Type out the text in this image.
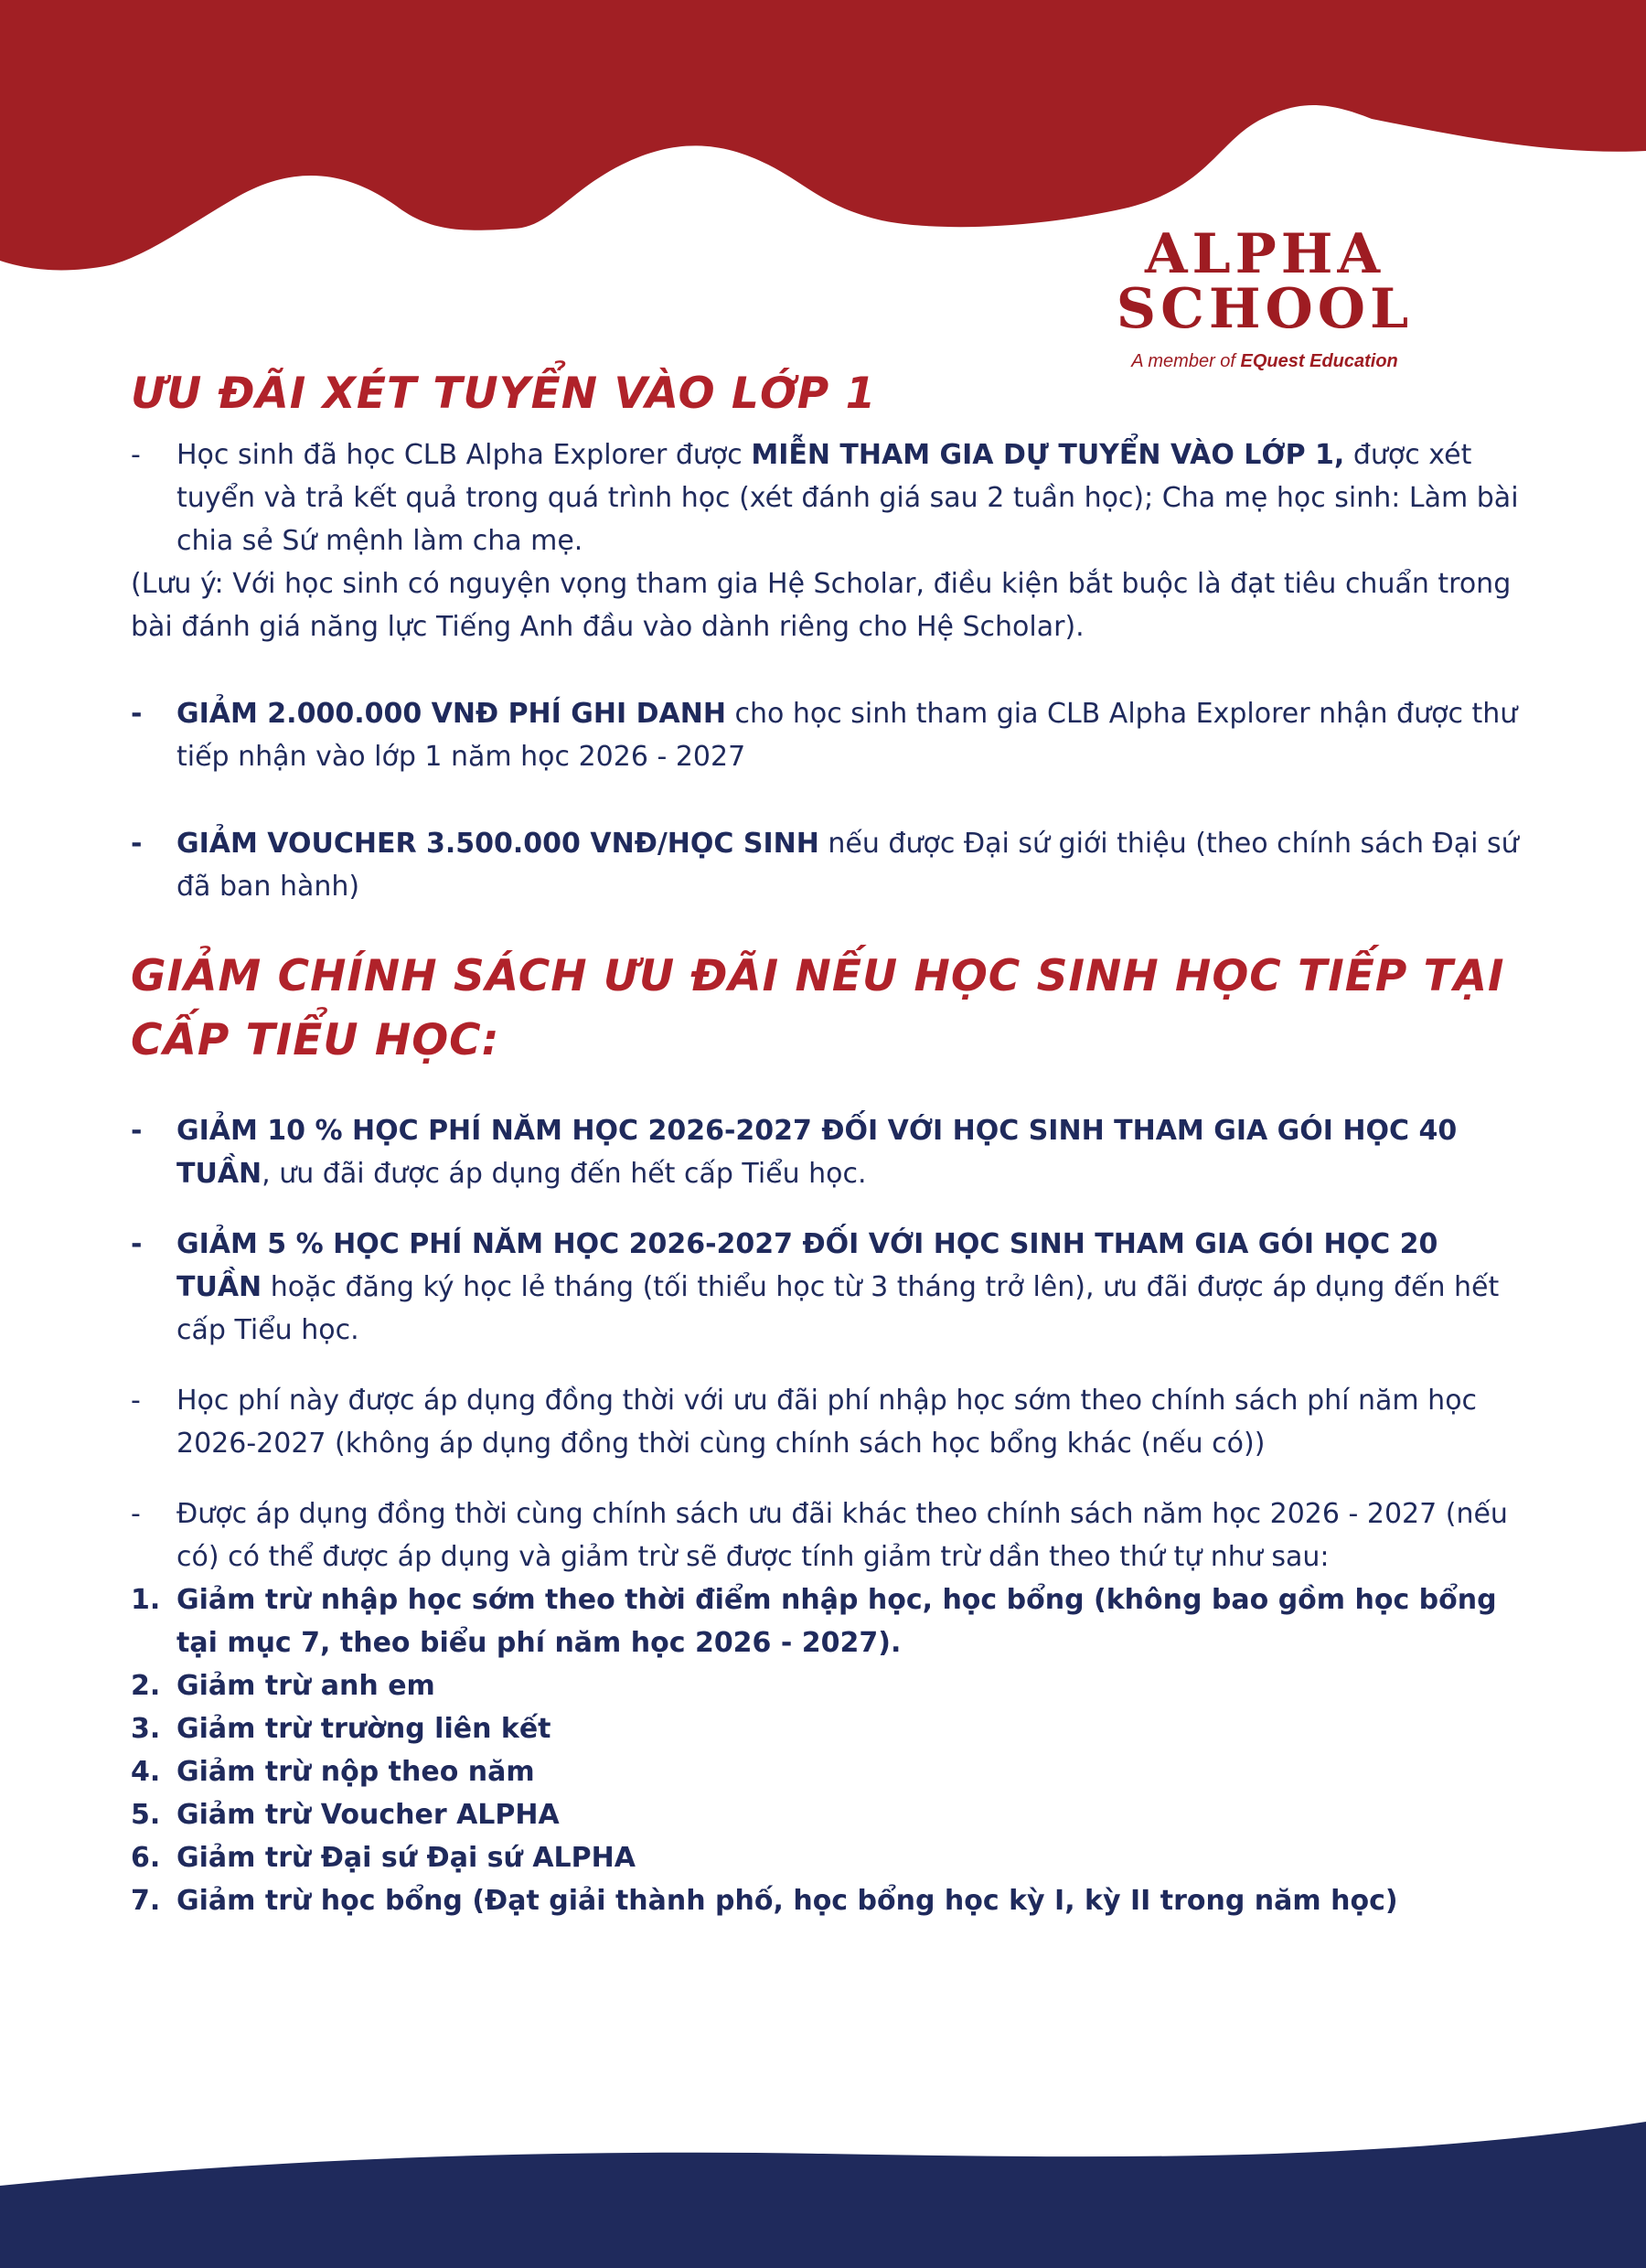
ALPHA SCHOOL
A member of EQuest Education
ƯU ĐÃI XÉT TUYỂN VÀO LỚP 1
- Học sinh đã học CLB Alpha Explorer được MIỄN THAM GIA DỰ TUYỂN VÀO LỚP 1, được xét tuyển và trả kết quả trong quá trình học (xét đánh giá sau 2 tuần học); Cha mẹ học sinh: Làm bài chia sẻ Sứ mệnh làm cha mẹ.
(Lưu ý: Với học sinh có nguyện vọng tham gia Hệ Scholar, điều kiện bắt buộc là đạt tiêu chuẩn trong bài đánh giá năng lực Tiếng Anh đầu vào dành riêng cho Hệ Scholar).
- GIẢM 2.000.000 VNĐ PHÍ GHI DANH cho học sinh tham gia CLB Alpha Explorer nhận được thư tiếp nhận vào lớp 1 năm học 2026 - 2027
- GIẢM VOUCHER 3.500.000 VNĐ/HỌC SINH nếu được Đại sứ giới thiệu (theo chính sách Đại sứ đã ban hành)
GIẢM CHÍNH SÁCH ƯU ĐÃI NẾU HỌC SINH HỌC TIẾP TẠI
CẤP TIỂU HỌC:
- GIẢM 10 % HỌC PHÍ NĂM HỌC 2026-2027 ĐỐI VỚI HỌC SINH THAM GIA GÓI HỌC 40 TUẦN, ưu đãi được áp dụng đến hết cấp Tiểu học.
- GIẢM 5 % HỌC PHÍ NĂM HỌC 2026-2027 ĐỐI VỚI HỌC SINH THAM GIA GÓI HỌC 20 TUẦN hoặc đăng ký học lẻ tháng (tối thiểu học từ 3 tháng trở lên), ưu đãi được áp dụng đến hết cấp Tiểu học.
- Học phí này được áp dụng đồng thời với ưu đãi phí nhập học sớm theo chính sách phí năm học 2026-2027 (không áp dụng đồng thời cùng chính sách học bổng khác (nếu có))
- Được áp dụng đồng thời cùng chính sách ưu đãi khác theo chính sách năm học 2026 - 2027 (nếu có) có thể được áp dụng và giảm trừ sẽ được tính giảm trừ dần theo thứ tự như sau:
1. Giảm trừ nhập học sớm theo thời điểm nhập học, học bổng (không bao gồm học bổng tại mục 7, theo biểu phí năm học 2026 - 2027).
2. Giảm trừ anh em
3. Giảm trừ trường liên kết
4. Giảm trừ nộp theo năm
5. Giảm trừ Voucher ALPHA
6. Giảm trừ Đại sứ Đại sứ ALPHA
7. Giảm trừ học bổng (Đạt giải thành phố, học bổng học kỳ I, kỳ II trong năm học)
